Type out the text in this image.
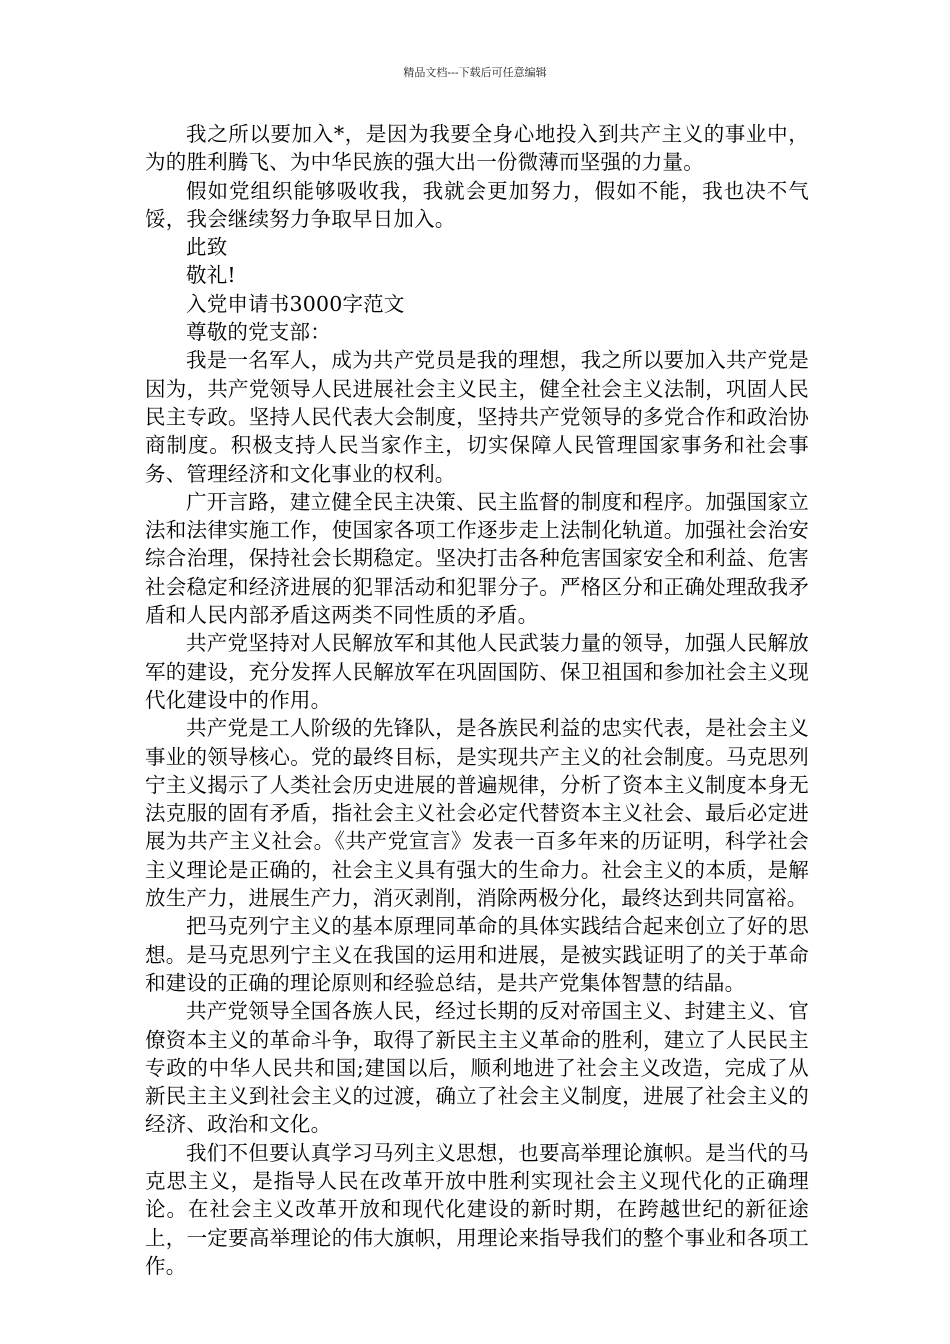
精品文档---下载后可任意编辑

我之所以要加入*，是因为我要全身心地投入到共产主义的事业中，为的胜利腾飞、为中华民族的强大出一份微薄而坚强的力量。

假如党组织能够吸收我，我就会更加努力，假如不能，我也决不气馁，我会继续努力争取早日加入。

此致

敬礼!

入党申请书3000字范文

尊敬的党支部：

我是一名军人，成为共产党员是我的理想，我之所以要加入共产党是因为，共产党领导人民进展社会主义民主，健全社会主义法制，巩固人民民主专政。坚持人民代表大会制度，坚持共产党领导的多党合作和政治协商制度。积极支持人民当家作主，切实保障人民管理国家事务和社会事务、管理经济和文化事业的权利。

广开言路，建立健全民主决策、民主监督的制度和程序。加强国家立法和法律实施工作，使国家各项工作逐步走上法制化轨道。加强社会治安综合治理，保持社会长期稳定。坚决打击各种危害国家安全和利益、危害社会稳定和经济进展的犯罪活动和犯罪分子。严格区分和正确处理敌我矛盾和人民内部矛盾这两类不同性质的矛盾。

共产党坚持对人民解放军和其他人民武装力量的领导，加强人民解放军的建设，充分发挥人民解放军在巩固国防、保卫祖国和参加社会主义现代化建设中的作用。

共产党是工人阶级的先锋队，是各族民利益的忠实代表，是社会主义事业的领导核心。党的最终目标，是实现共产主义的社会制度。马克思列宁主义揭示了人类社会历史进展的普遍规律，分析了资本主义制度本身无法克服的固有矛盾，指社会主义社会必定代替资本主义社会、最后必定进展为共产主义社会。《共产党宣言》发表一百多年来的历证明，科学社会主义理论是正确的，社会主义具有强大的生命力。社会主义的本质，是解放生产力，进展生产力，消灭剥削，消除两极分化，最终达到共同富裕。

把马克列宁主义的基本原理同革命的具体实践结合起来创立了好的思想。是马克思列宁主义在我国的运用和进展，是被实践证明了的关于革命和建设的正确的理论原则和经验总结，是共产党集体智慧的结晶。

共产党领导全国各族人民，经过长期的反对帝国主义、封建主义、官僚资本主义的革命斗争，取得了新民主主义革命的胜利，建立了人民民主专政的中华人民共和国;建国以后，顺利地进了社会主义改造，完成了从新民主主义到社会主义的过渡，确立了社会主义制度，进展了社会主义的经济、政治和文化。

我们不但要认真学习马列主义思想，也要高举理论旗帜。是当代的马克思主义，是指导人民在改革开放中胜利实现社会主义现代化的正确理论。在社会主义改革开放和现代化建设的新时期，在跨越世纪的新征途上，一定要高举理论的伟大旗帜，用理论来指导我们的整个事业和各项工作。
